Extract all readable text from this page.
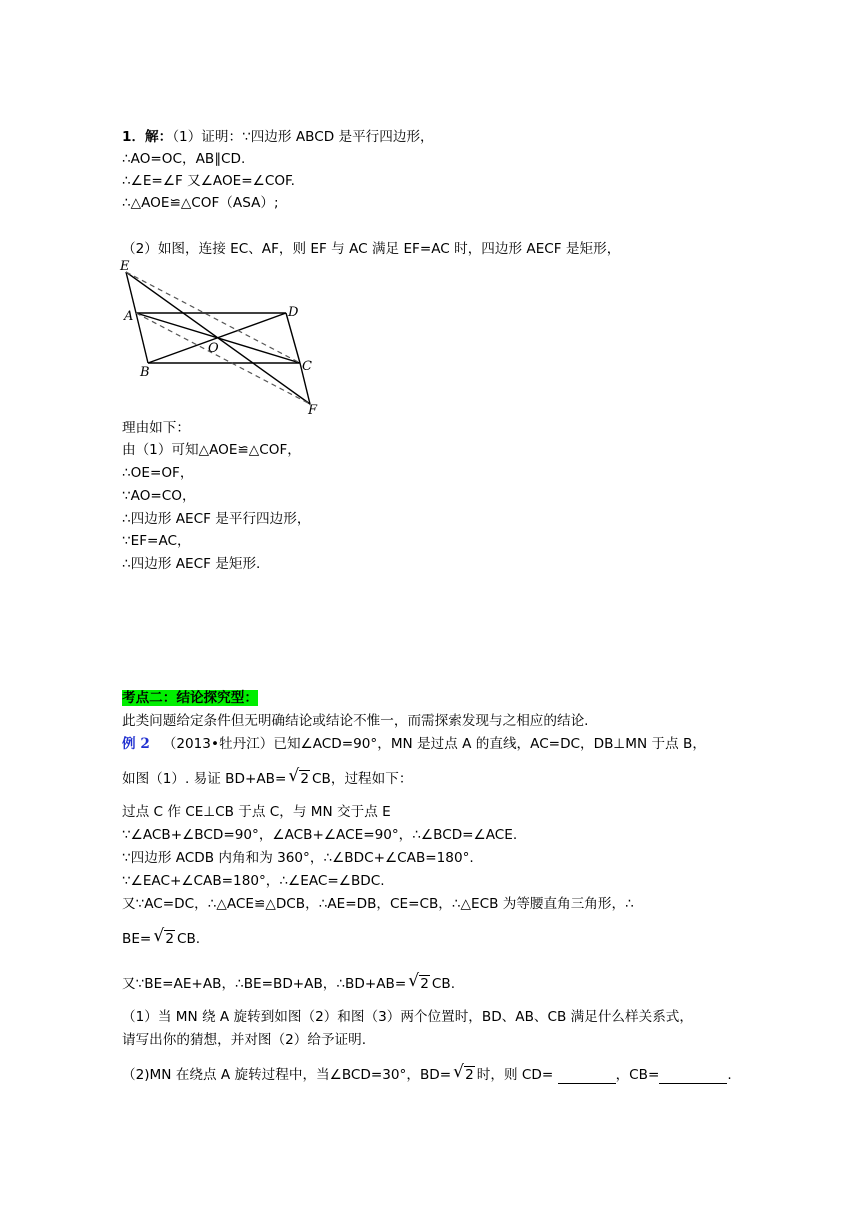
1．解：（1）证明：∵四边形 ABCD 是平行四边形，
∴AO=OC，AB∥CD.
∴∠E=∠F 又∠AOE=∠COF.
∴△AOE≌△COF（ASA）;
（2）如图，连接 EC、AF，则 EF 与 AC 满足 EF=AC 时，四边形 AECF 是矩形，
E
A	D
O
B	C
F
理由如下：
由（1）可知△AOE≌△COF，
∴OE=OF，
∵AO=CO，
∴四边形 AECF 是平行四边形，
∵EF=AC，
∴四边形 AECF 是矩形.
考点二：结论探究型：
此类问题给定条件但无明确结论或结论不惟一，而需探索发现与之相应的结论.
例 2 （2013•牡丹江）已知∠ACD=90°，MN 是过点 A 的直线，AC=DC，DB⊥MN 于点 B，
如图（1）. 易证 BD+AB= √ 2 CB，过程如下：
过点 C 作 CE⊥CB 于点 C，与 MN 交于点 E
∵∠ACB+∠BCD=90°，∠ACB+∠ACE=90°，∴∠BCD=∠ACE.
∵四边形 ACDB 内角和为 360°，∴∠BDC+∠CAB=180°.
∵∠EAC+∠CAB=180°，∴∠EAC=∠BDC.
又∵AC=DC，∴△ACE≌△DCB，∴AE=DB，CE=CB，∴△ECB 为等腰直角三角形，∴
BE= √ 2 CB.
又∵BE=AE+AB，∴BE=BD+AB，∴BD+AB= √ 2 CB.
（1）当 MN 绕 A 旋转到如图（2）和图（3）两个位置时，BD、AB、CB 满足什么样关系式，
请写出你的猜想，并对图（2）给予证明.
（2)MN 在绕点 A 旋转过程中，当∠BCD=30°，BD= √ 2 时，则 CD=	，CB=	.
